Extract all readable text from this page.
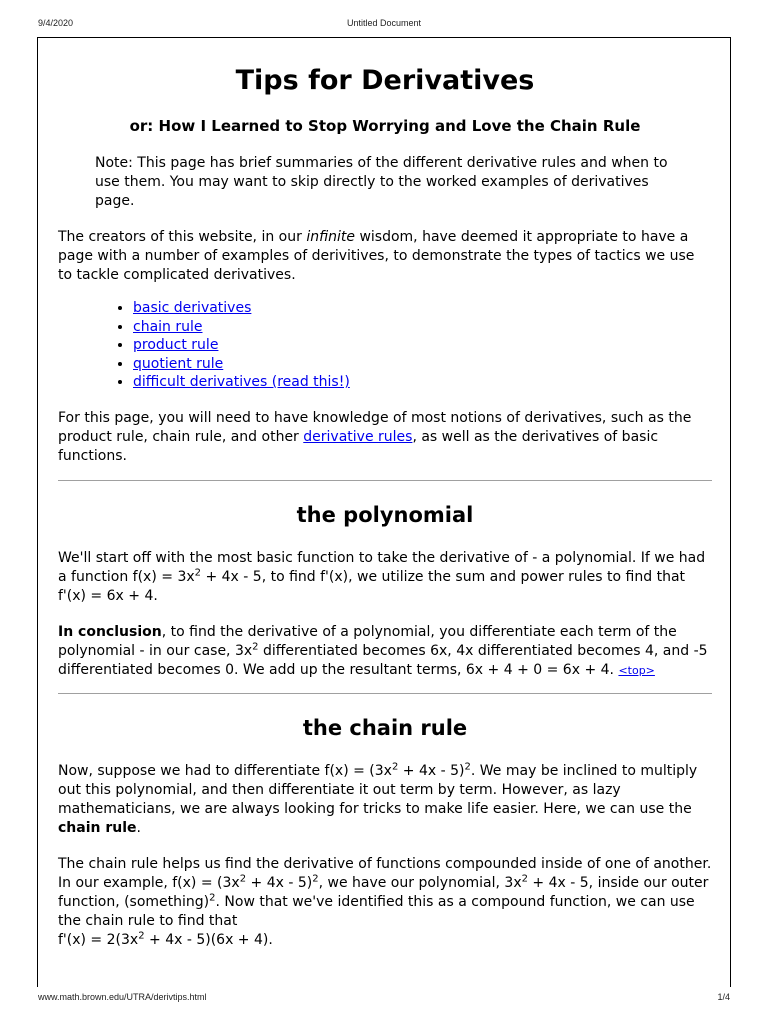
9/4/2020	Untitled Document
Tips for Derivatives
or: How I Learned to Stop Worrying and Love the Chain Rule
Note: This page has brief summaries of the different derivative rules and when to use them. You may want to skip directly to the worked examples of derivatives page.

The creators of this website, in our infinite wisdom, have deemed it appropriate to have a page with a number of examples of derivitives, to demonstrate the types of tactics we use to tackle complicated derivatives.

• basic derivatives
• chain rule
• product rule
• quotient rule
• difficult derivatives (read this!)

For this page, you will need to have knowledge of most notions of derivatives, such as the product rule, chain rule, and other derivative rules, as well as the derivatives of basic functions.

the polynomial

We'll start off with the most basic function to take the derivative of - a polynomial. If we had a function $f(x) = 3x^2 + 4x - 5$, to find f'(x), we utilize the sum and power rules to find that f'(x) = 6x + 4.

In conclusion, to find the derivative of a polynomial, you differentiate each term of the polynomial - in our case, $3x^2$ differentiated becomes 6x, 4x differentiated becomes 4, and -5 differentiated becomes 0. We add up the resultant terms, 6x + 4 + 0 = 6x + 4. <top>

the chain rule

Now, suppose we had to differentiate $f(x) = (3x^2 + 4x - 5)^2$. We may be inclined to multiply out this polynomial, and then differentiate it out term by term. However, as lazy mathematicians, we are always looking for tricks to make life easier. Here, we can use the chain rule.

The chain rule helps us find the derivative of functions compounded inside of one of another. In our example, $f(x) = (3x^2 + 4x - 5)^2$, we have our polynomial, $3x^2 + 4x - 5$, inside our outer function, (something)$^2$. Now that we've identified this as a compound function, we can use the chain rule to find that
$f'(x) = 2(3x^2 + 4x - 5)(6x + 4)$.

www.math.brown.edu/UTRA/derivtips.html	1/4
